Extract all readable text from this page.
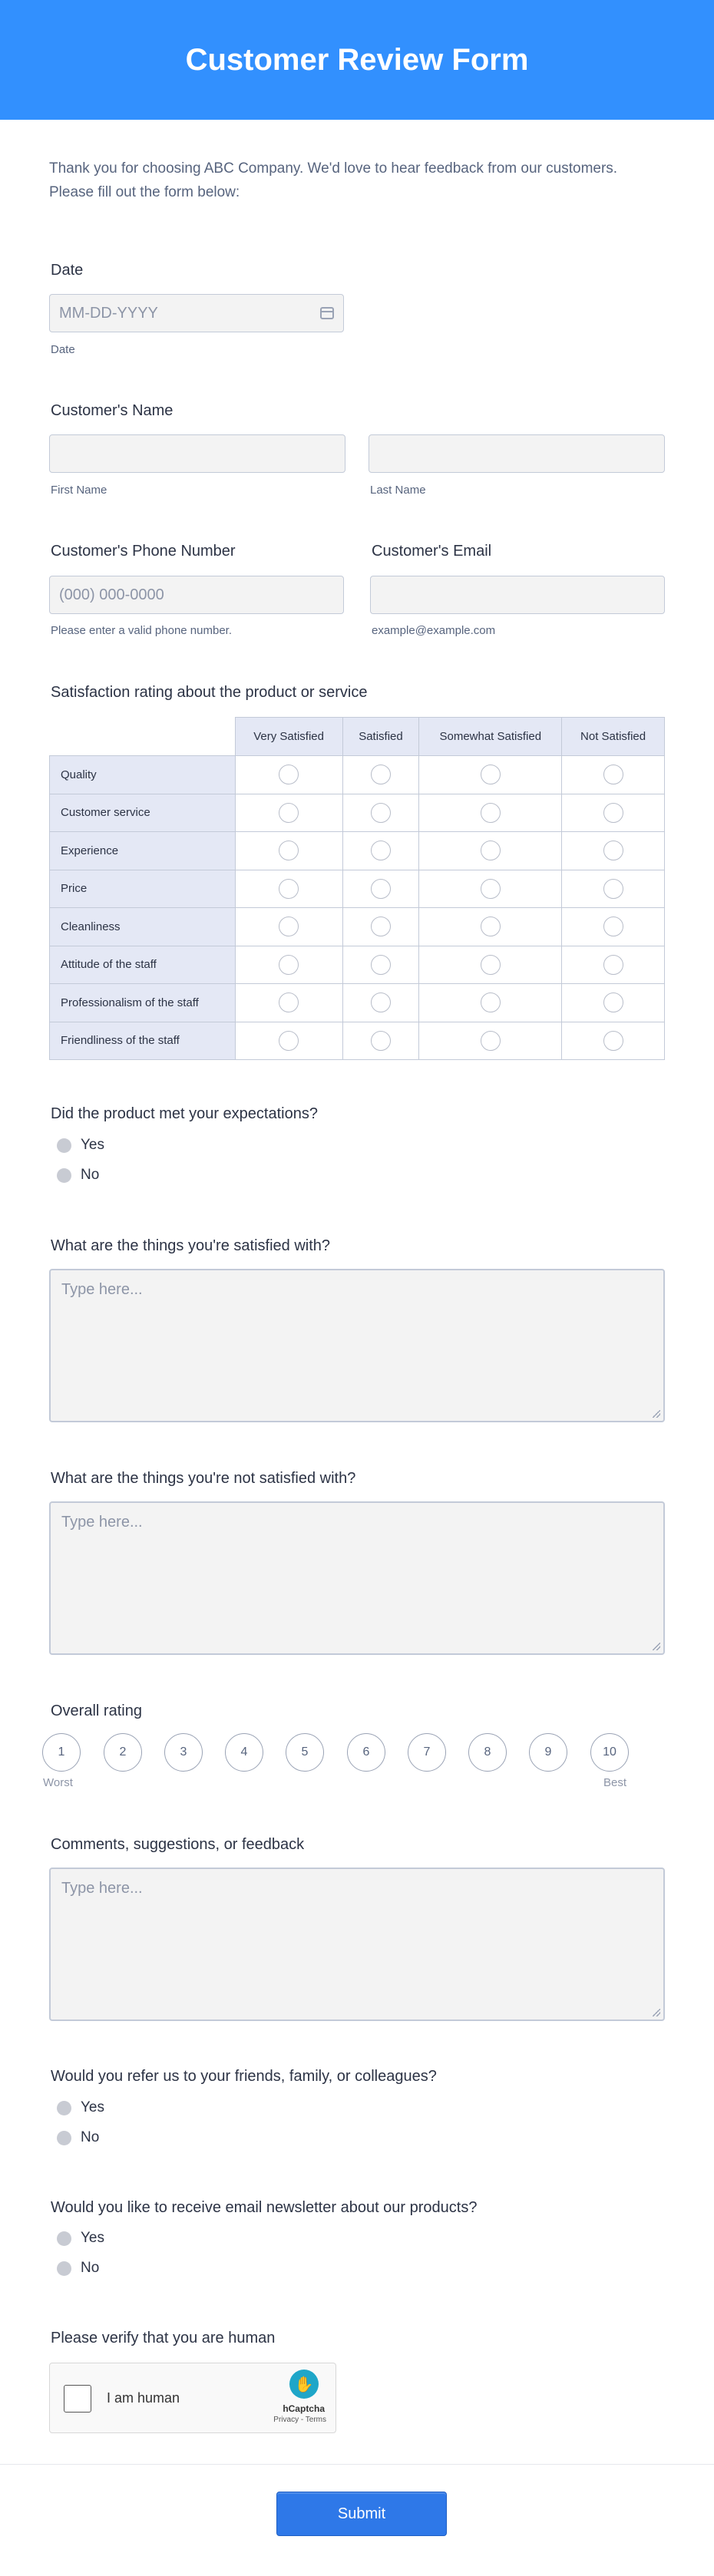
Customer Review Form
Thank you for choosing ABC Company. We'd love to hear feedback from our customers.
Please fill out the form below:
Date
MM-DD-YYYY
Date
Customer's Name
First Name	Last Name
Customer's Phone Number	Customer's Email
(000) 000-0000
Please enter a valid phone number.	example@example.com
Satisfaction rating about the product or service
	Very Satisfied	Satisfied	Somewhat Satisfied	Not Satisfied
Quality				
Customer service				
Experience				
Price				
Cleanliness				
Attitude of the staff				
Professionalism of the staff				
Friendliness of the staff				
Did the product met your expectations?
Yes
No
What are the things you're satisfied with?
Type here...
What are the things you're not satisfied with?
Type here...
Overall rating
1	2	3	4	5	6	7	8	9	10
Worst	Best
Comments, suggestions, or feedback
Type here...
Would you refer us to your friends, family, or colleagues?
Yes
No
Would you like to receive email newsletter about our products?
Yes
No
Please verify that you are human
I am human
✋
hCaptcha
Privacy - Terms
Submit
